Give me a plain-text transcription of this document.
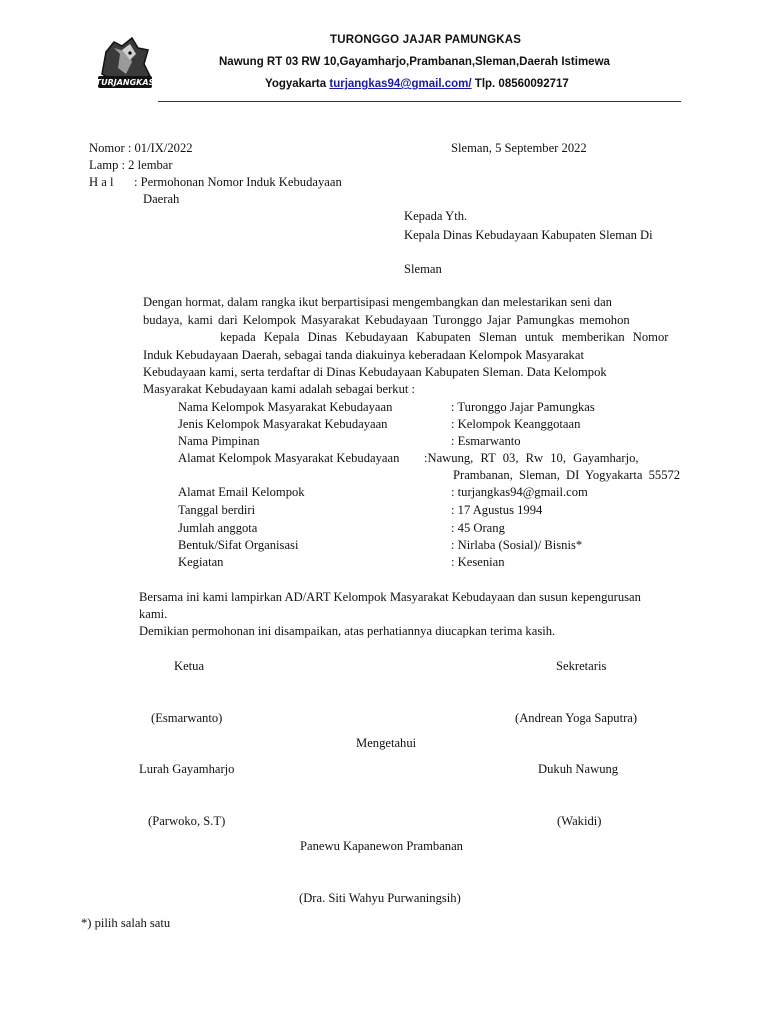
TURJANGKAS
TURONGGO JAJAR PAMUNGKAS
Nawung RT 03 RW 10,Gayamharjo,Prambanan,Sleman,Daerah Istimewa
Yogyakarta turjangkas94@gmail.com/ Tlp. 08560092717
Nomor : 01/IX/2022
Lamp : 2 lembar
H a l : Permohonan Nomor Induk Kebudayaan
Daerah
Sleman, 5 September 2022
Kepada Yth.
Kepala Dinas Kebudayaan Kabupaten Sleman Di
Sleman
Dengan hormat, dalam rangka ikut berpartisipasi mengembangkan dan melestarikan seni dan
budaya, kami dari Kelompok Masyarakat Kebudayaan Turonggo Jajar Pamungkas memohon
kepada Kepala Dinas Kebudayaan Kabupaten Sleman untuk memberikan Nomor
Induk Kebudayaan Daerah, sebagai tanda diakuinya keberadaan Kelompok Masyarakat
Kebudayaan kami, serta terdaftar di Dinas Kebudayaan Kabupaten Sleman. Data Kelompok
Masyarakat Kebudayaan kami adalah sebagai berkut :
Nama Kelompok Masyarakat Kebudayaan	: Turonggo Jajar Pamungkas
Jenis Kelompok Masyarakat Kebudayaan	: Kelompok Keanggotaan
Nama Pimpinan	: Esmarwanto
Alamat Kelompok Masyarakat Kebudayaan :Nawung, RT 03, Rw 10, Gayamharjo,
Prambanan, Sleman, DI Yogyakarta 55572
Alamat Email Kelompok	: turjangkas94@gmail.com
Tanggal berdiri	: 17 Agustus 1994
Jumlah anggota	: 45 Orang
Bentuk/Sifat Organisasi	: Nirlaba (Sosial)/ Bisnis*
Kegiatan	: Kesenian
Bersama ini kami lampirkan AD/ART Kelompok Masyarakat Kebudayaan dan susun kepengurusan
kami.
Demikian permohonan ini disampaikan, atas perhatiannya diucapkan terima kasih.
Ketua	Sekretaris
(Esmarwanto)	(Andrean Yoga Saputra)
Mengetahui
Lurah Gayamharjo	Dukuh Nawung
(Parwoko, S.T)	(Wakidi)
Panewu Kapanewon Prambanan
(Dra. Siti Wahyu Purwaningsih)
*) pilih salah satu
